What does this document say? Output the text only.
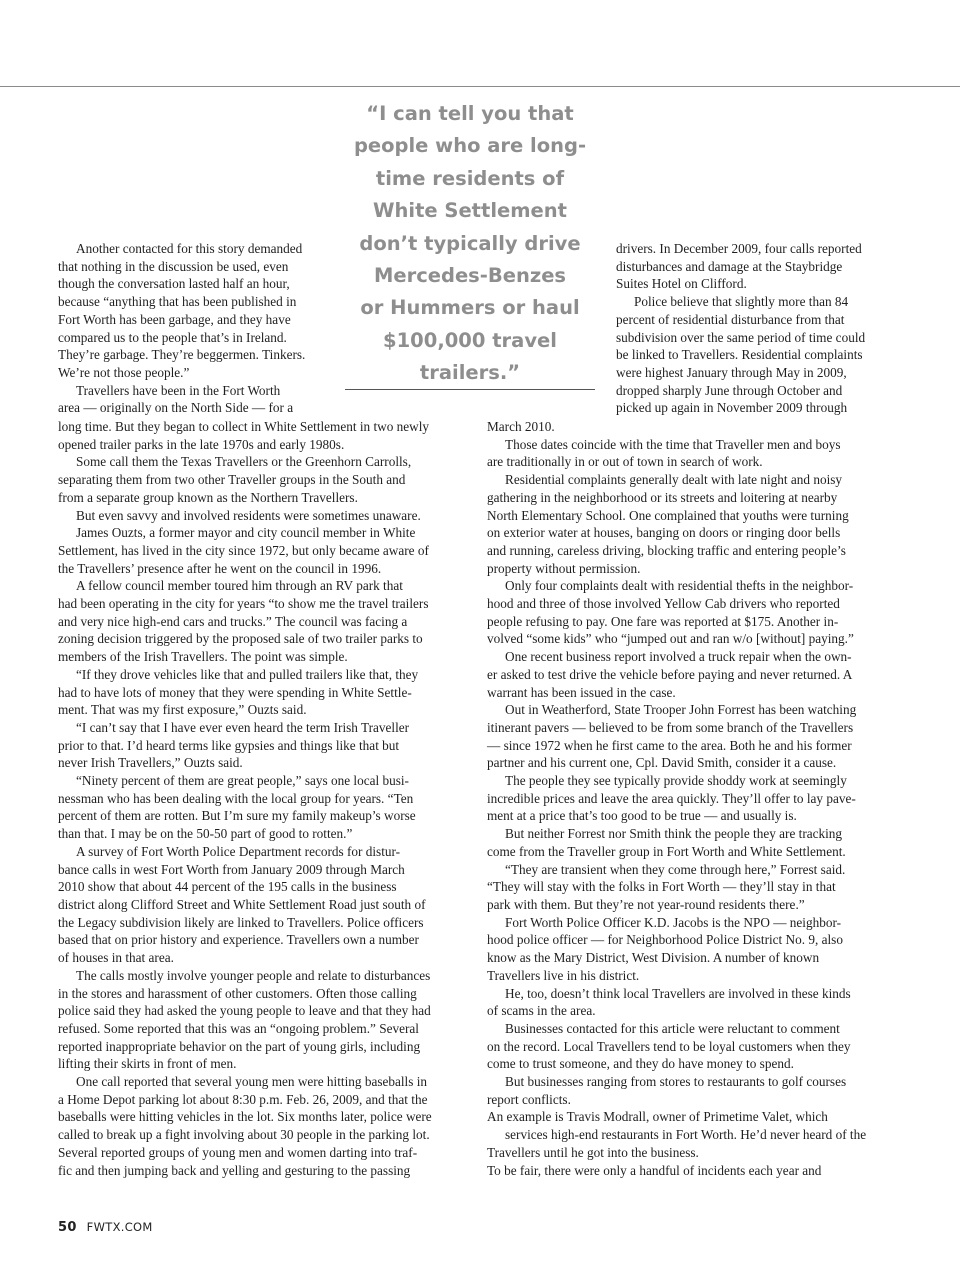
“I can tell you that
people who are long-
time residents of
White Settlement
don’t typically drive
Mercedes-Benzes
or Hummers or haul
$100,000 travel
trailers.”
Another contacted for this story demanded
that nothing in the discussion be used, even
though the conversation lasted half an hour,
because “anything that has been published in
Fort Worth has been garbage, and they have
compared us to the people that’s in Ireland.
They’re garbage. They’re beggermen. Tinkers.
We’re not those people.”
Travellers have been in the Fort Worth
area — originally on the North Side — for a
long time. But they began to collect in White Settlement in two newly
opened trailer parks in the late 1970s and early 1980s.
Some call them the Texas Travellers or the Greenhorn Carrolls,
separating them from two other Traveller groups in the South and
from a separate group known as the Northern Travellers.
But even savvy and involved residents were sometimes unaware.
James Ouzts, a former mayor and city council member in White
Settlement, has lived in the city since 1972, but only became aware of
the Travellers’ presence after he went on the council in 1996.
A fellow council member toured him through an RV park that
had been operating in the city for years “to show me the travel trailers
and very nice high-end cars and trucks.” The council was facing a
zoning decision triggered by the proposed sale of two trailer parks to
members of the Irish Travellers. The point was simple.
“If they drove vehicles like that and pulled trailers like that, they
had to have lots of money that they were spending in White Settle-
ment. That was my first exposure,” Ouzts said.
“I can’t say that I have ever even heard the term Irish Traveller
prior to that. I’d heard terms like gypsies and things like that but
never Irish Travellers,” Ouzts said.
“Ninety percent of them are great people,” says one local busi-
nessman who has been dealing with the local group for years. “Ten
percent of them are rotten. But I’m sure my family makeup’s worse
than that. I may be on the 50-50 part of good to rotten.”
A survey of Fort Worth Police Department records for distur-
bance calls in west Fort Worth from January 2009 through March
2010 show that about 44 percent of the 195 calls in the business
district along Clifford Street and White Settlement Road just south of
the Legacy subdivision likely are linked to Travellers. Police officers
based that on prior history and experience. Travellers own a number
of houses in that area.
The calls mostly involve younger people and relate to disturbances
in the stores and harassment of other customers. Often those calling
police said they had asked the young people to leave and that they had
refused. Some reported that this was an “ongoing problem.” Several
reported inappropriate behavior on the part of young girls, including
lifting their skirts in front of men.
One call reported that several young men were hitting baseballs in
a Home Depot parking lot about 8:30 p.m. Feb. 26, 2009, and that the
baseballs were hitting vehicles in the lot. Six months later, police were
called to break up a fight involving about 30 people in the parking lot.
Several reported groups of young men and women darting into traf-
fic and then jumping back and yelling and gesturing to the passing
drivers. In December 2009, four calls reported
disturbances and damage at the Staybridge
Suites Hotel on Clifford.
Police believe that slightly more than 84
percent of residential disturbance from that
subdivision over the same period of time could
be linked to Travellers. Residential complaints
were highest January through May in 2009,
dropped sharply June through October and
picked up again in November 2009 through
March 2010.
Those dates coincide with the time that Traveller men and boys
are traditionally in or out of town in search of work.
Residential complaints generally dealt with late night and noisy
gathering in the neighborhood or its streets and loitering at nearby
North Elementary School. One complained that youths were turning
on exterior water at houses, banging on doors or ringing door bells
and running, careless driving, blocking traffic and entering people’s
property without permission.
Only four complaints dealt with residential thefts in the neighbor-
hood and three of those involved Yellow Cab drivers who reported
people refusing to pay. One fare was reported at $175. Another in-
volved “some kids” who “jumped out and ran w/o [without] paying.”
One recent business report involved a truck repair when the own-
er asked to test drive the vehicle before paying and never returned. A
warrant has been issued in the case.
Out in Weatherford, State Trooper John Forrest has been watching
itinerant pavers — believed to be from some branch of the Travellers
— since 1972 when he first came to the area. Both he and his former
partner and his current one, Cpl. David Smith, consider it a cause.
The people they see typically provide shoddy work at seemingly
incredible prices and leave the area quickly. They’ll offer to lay pave-
ment at a price that’s too good to be true — and usually is.
But neither Forrest nor Smith think the people they are tracking
come from the Traveller group in Fort Worth and White Settlement.
“They are transient when they come through here,” Forrest said.
“They will stay with the folks in Fort Worth — they’ll stay in that
park with them. But they’re not year-round residents there.”
Fort Worth Police Officer K.D. Jacobs is the NPO — neighbor-
hood police officer — for Neighborhood Police District No. 9, also
know as the Mary District, West Division. A number of known
Travellers live in his district.
He, too, doesn’t think local Travellers are involved in these kinds
of scams in the area.
Businesses contacted for this article were reluctant to comment
on the record. Local Travellers tend to be loyal customers when they
come to trust someone, and they do have money to spend.
But businesses ranging from stores to restaurants to golf courses
report conflicts.
An example is Travis Modrall, owner of Primetime Valet, which
services high-end restaurants in Fort Worth. He’d never heard of the
Travellers until he got into the business.
To be fair, there were only a handful of incidents each year and
50 FWTX.COM
